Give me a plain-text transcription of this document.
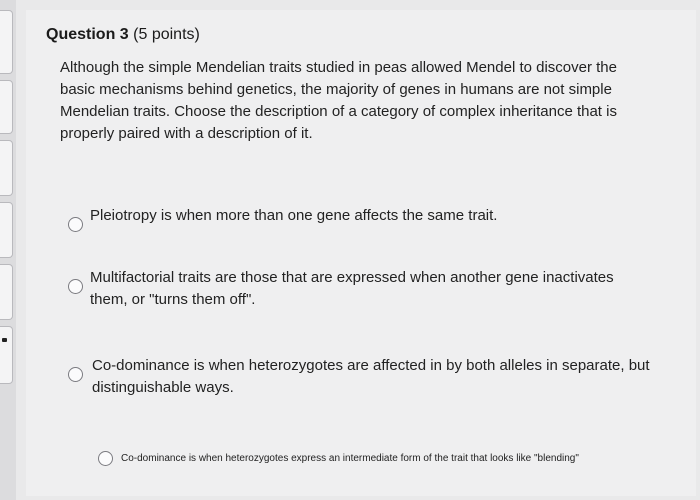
Question 3 (5 points)
Although the simple Mendelian traits studied in peas allowed Mendel to discover the basic mechanisms behind genetics, the majority of genes in humans are not simple Mendelian traits. Choose the description of a category of complex inheritance that is properly paired with a description of it.
Pleiotropy is when more than one gene affects the same trait.
Multifactorial traits are those that are expressed when another gene inactivates them, or "turns them off".
Co-dominance is when heterozygotes are affected in by both alleles in separate, but distinguishable ways.
Co-dominance is when heterozygotes express an intermediate form of the trait that looks like "blending"
